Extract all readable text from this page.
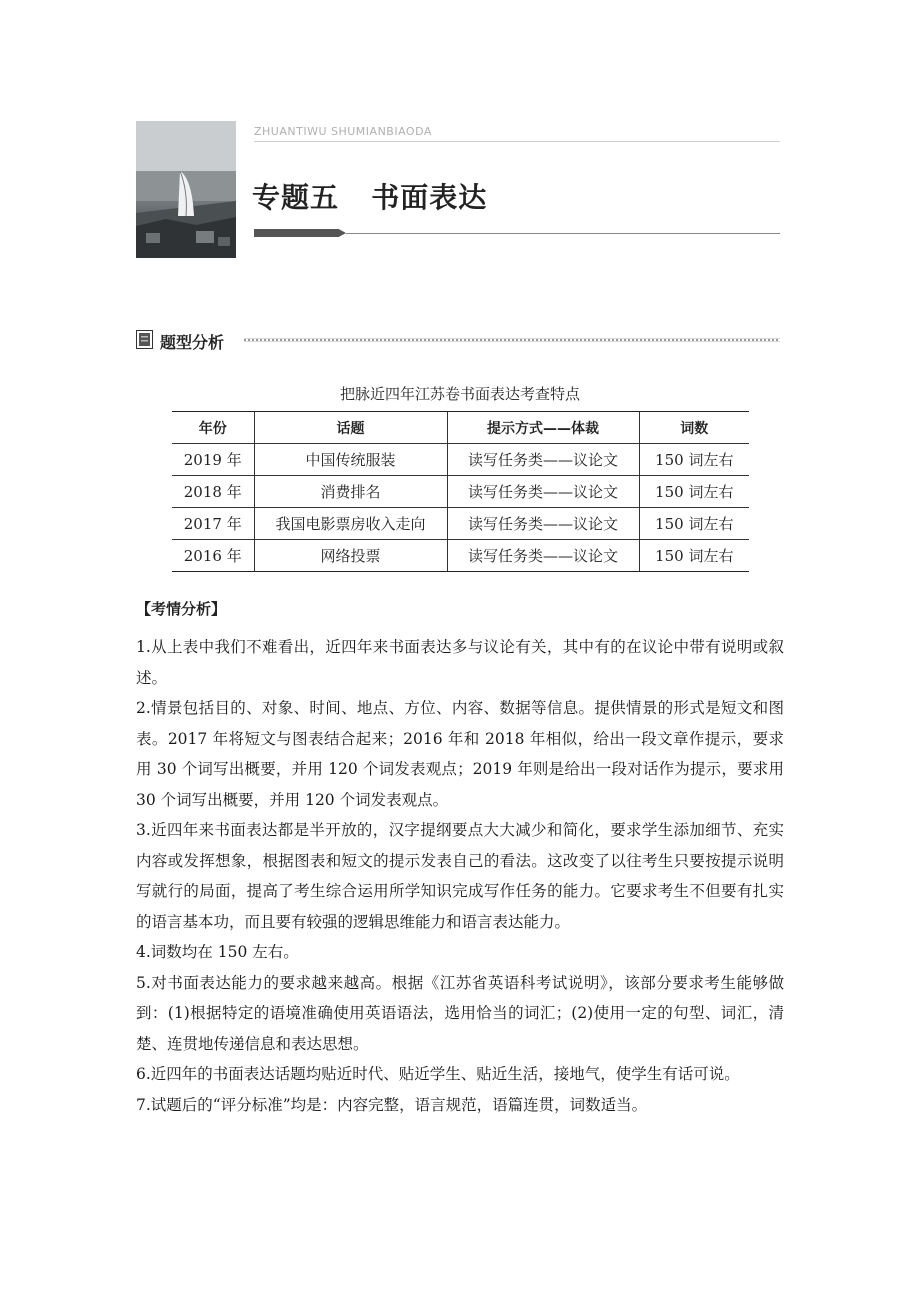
ZHUANTIWU SHUMIANBIAODA
专题五 书面表达
题型分析
把脉近四年江苏卷书面表达考查特点
年份	话题	提示方式——体裁	词数
2019 年	中国传统服装	读写任务类——议论文	150 词左右
2018 年	消费排名	读写任务类——议论文	150 词左右
2017 年	我国电影票房收入走向	读写任务类——议论文	150 词左右
2016 年	网络投票	读写任务类——议论文	150 词左右
【考情分析】

1.从上表中我们不难看出，近四年来书面表达多与议论有关，其中有的在议论中带有说明或叙述。

2.情景包括目的、对象、时间、地点、方位、内容、数据等信息。提供情景的形式是短文和图表。2017 年将短文与图表结合起来；2016 年和 2018 年相似，给出一段文章作提示，要求用 30 个词写出概要，并用 120 个词发表观点；2019 年则是给出一段对话作为提示，要求用 30 个词写出概要，并用 120 个词发表观点。

3.近四年来书面表达都是半开放的，汉字提纲要点大大减少和简化，要求学生添加细节、充实内容或发挥想象，根据图表和短文的提示发表自己的看法。这改变了以往考生只要按提示说明写就行的局面，提高了考生综合运用所学知识完成写作任务的能力。它要求考生不但要有扎实的语言基本功，而且要有较强的逻辑思维能力和语言表达能力。

4.词数均在 150 左右。

5.对书面表达能力的要求越来越高。根据《江苏省英语科考试说明》，该部分要求考生能够做到：(1)根据特定的语境准确使用英语语法，选用恰当的词汇；(2)使用一定的句型、词汇，清楚、连贯地传递信息和表达思想。

6.近四年的书面表达话题均贴近时代、贴近学生、贴近生活，接地气，使学生有话可说。

7.试题后的“评分标准”均是：内容完整，语言规范，语篇连贯，词数适当。
